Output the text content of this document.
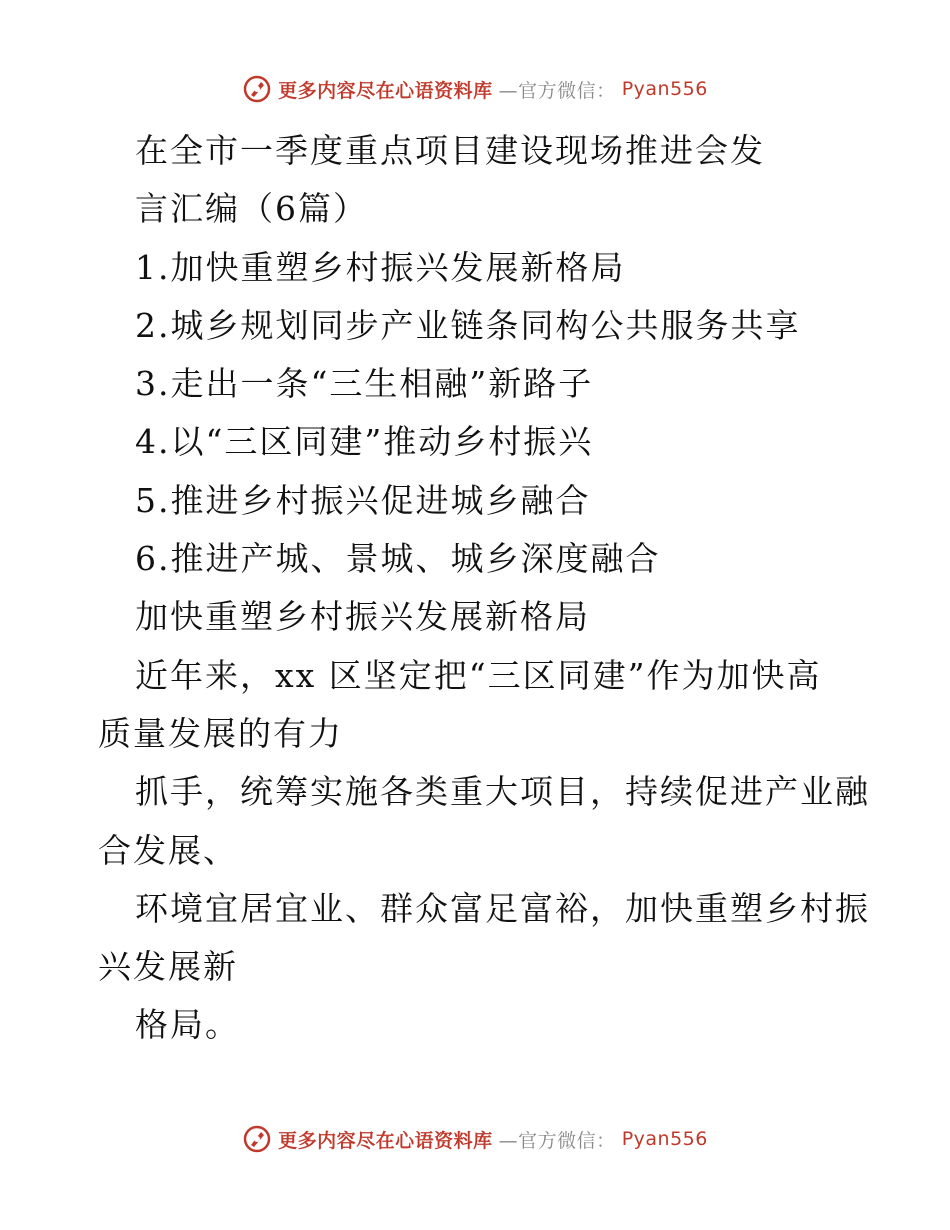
更多内容尽在心语资料库 —官方微信： Pyan556
在全市一季度重点项目建设现场推进会发
言汇编（6篇）
1.加快重塑乡村振兴发展新格局
2.城乡规划同步产业链条同构公共服务共享
3.走出一条“三生相融”新路子
4.以“三区同建”推动乡村振兴
5.推进乡村振兴促进城乡融合
6.推进产城、景城、城乡深度融合
加快重塑乡村振兴发展新格局
近年来，xx 区坚定把“三区同建”作为加快高
质量发展的有力
抓手，统筹实施各类重大项目，持续促进产业融
合发展、
环境宜居宜业、群众富足富裕，加快重塑乡村振
兴发展新
格局。
更多内容尽在心语资料库 —官方微信： Pyan556
